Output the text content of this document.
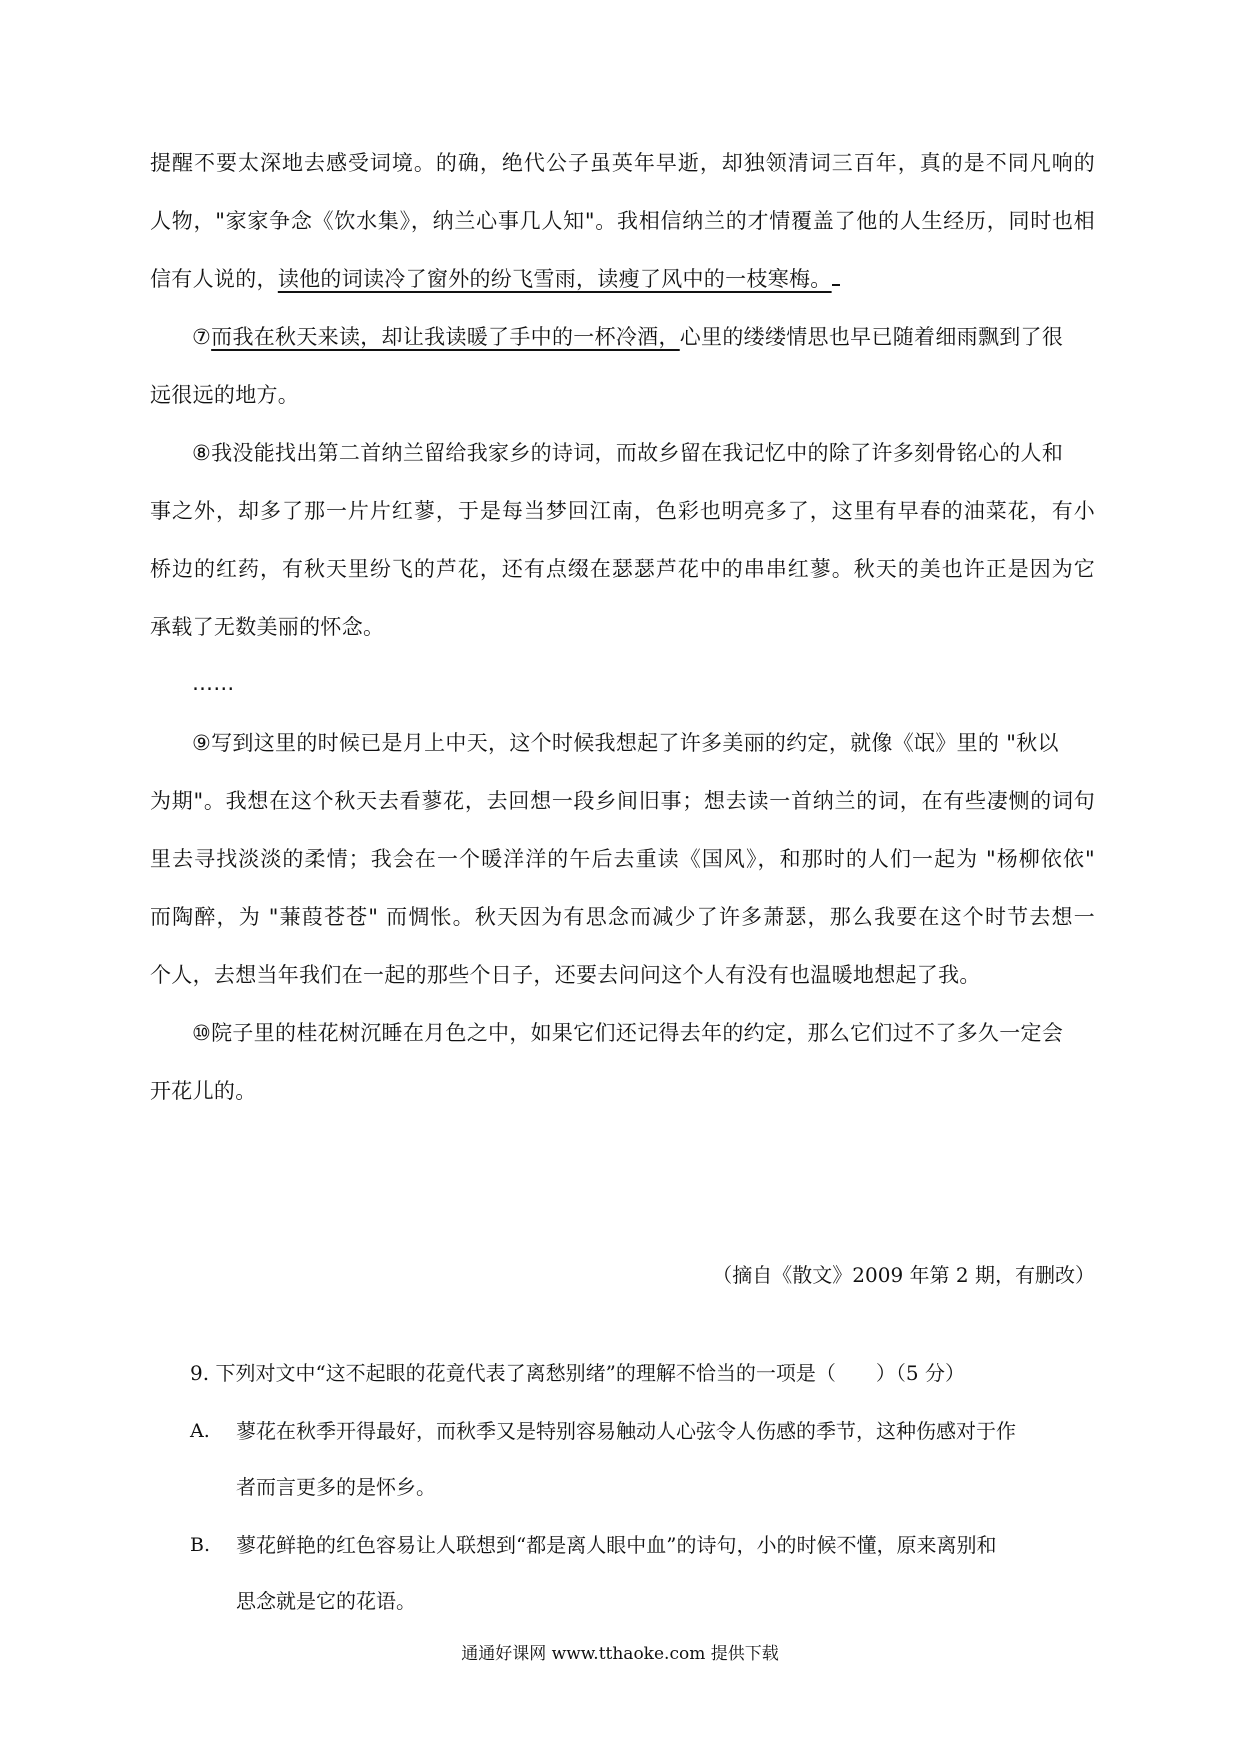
提醒不要太深地去感受词境。的确，绝代公子虽英年早逝，却独领清词三百年，真的是不同凡响的
人物，"家家争念《饮水集》，纳兰心事几人知"。我相信纳兰的才情覆盖了他的人生经历，同时也相
信有人说的，读他的词读冷了窗外的纷飞雪雨，读瘦了风中的一枝寒梅。
⑦而我在秋天来读，却让我读暖了手中的一杯冷酒，心里的缕缕情思也早已随着细雨飘到了很
远很远的地方。
⑧我没能找出第二首纳兰留给我家乡的诗词，而故乡留在我记忆中的除了许多刻骨铭心的人和
事之外，却多了那一片片红蓼，于是每当梦回江南，色彩也明亮多了，这里有早春的油菜花，有小
桥边的红药，有秋天里纷飞的芦花，还有点缀在瑟瑟芦花中的串串红蓼。秋天的美也许正是因为它
承载了无数美丽的怀念。
……
⑨写到这里的时候已是月上中天，这个时候我想起了许多美丽的约定，就像《氓》里的 "秋以
为期"。我想在这个秋天去看蓼花，去回想一段乡间旧事；想去读一首纳兰的词，在有些凄恻的词句
里去寻找淡淡的柔情；我会在一个暖洋洋的午后去重读《国风》，和那时的人们一起为 "杨柳依依"
而陶醉，为 "蒹葭苍苍" 而惆怅。秋天因为有思念而减少了许多萧瑟，那么我要在这个时节去想一
个人，去想当年我们在一起的那些个日子，还要去问问这个人有没有也温暖地想起了我。
⑩院子里的桂花树沉睡在月色之中，如果它们还记得去年的约定，那么它们过不了多久一定会
开花儿的。
（摘自《散文》2009 年第 2 期，有删改）
9. 下列对文中“这不起眼的花竟代表了离愁别绪”的理解不恰当的一项是（　　）（5 分）
A. 蓼花在秋季开得最好，而秋季又是特别容易触动人心弦令人伤感的季节，这种伤感对于作
者而言更多的是怀乡。
B. 蓼花鲜艳的红色容易让人联想到“都是离人眼中血”的诗句，小的时候不懂，原来离别和
思念就是它的花语。
通通好课网 www.tthaoke.com 提供下载
